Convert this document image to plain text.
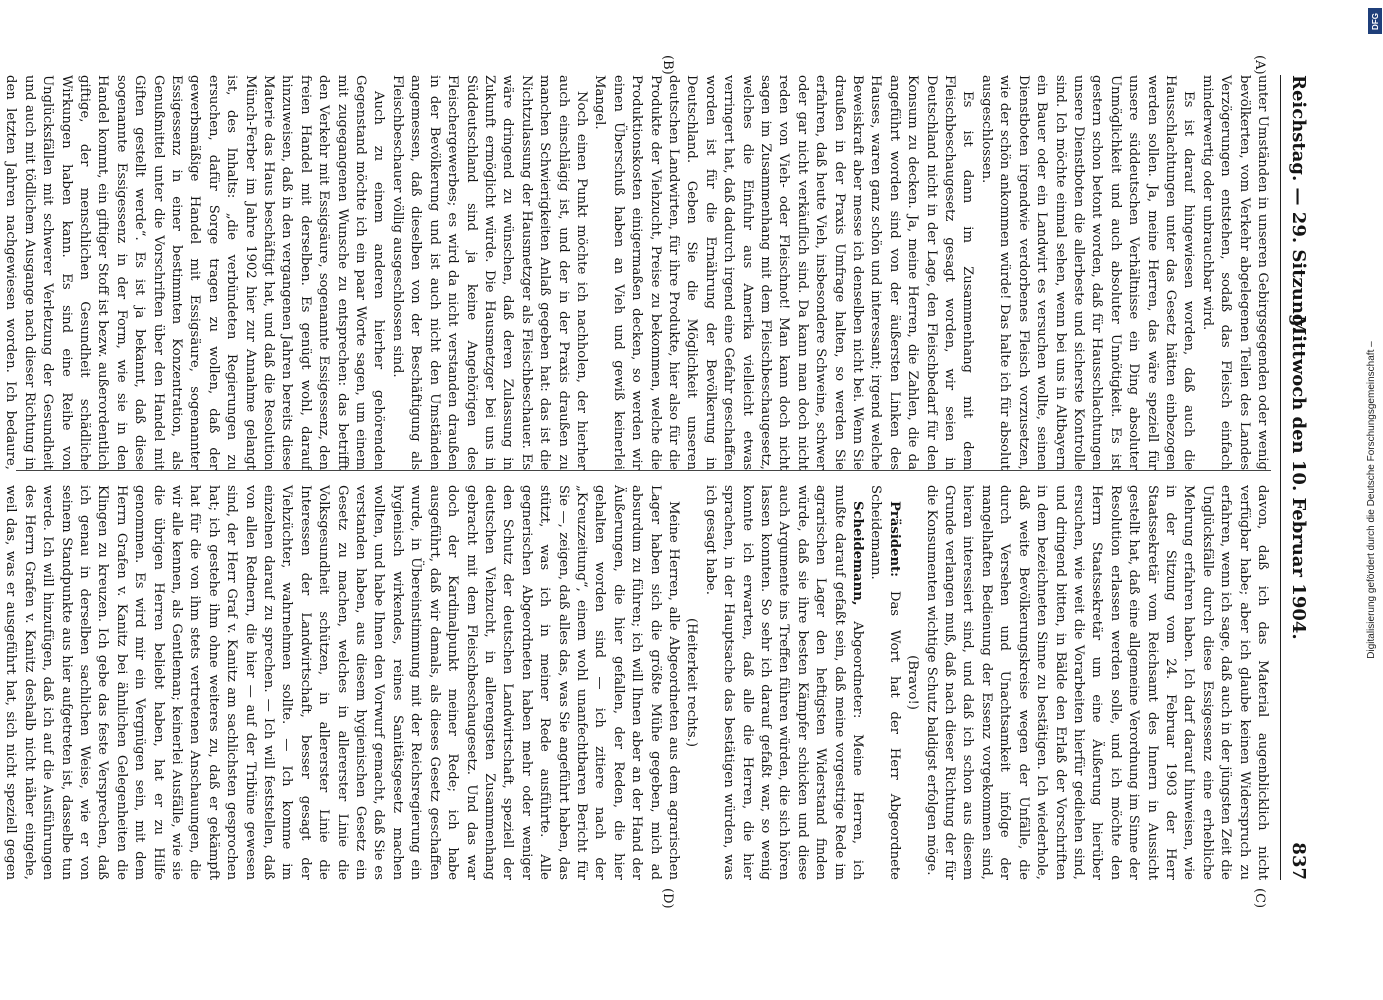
Reichstag. — 29. Sitzung.
Mittwoch den 10. Februar 1904.
837
(A)
(B)
(C)
(D)

unter Umständen in unseren Gebirgsgegenden oder wenig bevölkerten, vom Verkehr abgelegenen Teilen des Landes Verzögerungen entstehen, sodaß das Fleisch einfach minderwertig oder unbrauchbar wird.

Es ist darauf hingewiesen worden, daß auch die Hausschlachtungen unter das Gesetz hätten einbezogen werden sollen. Ja, meine Herren, das wäre speziell für unsere süddeutschen Verhältnisse ein Ding absoluter Unmöglichkeit und auch absoluter Unnötigkeit. Es ist gestern schon betont worden, daß für Hausschlachtungen unsere Dienstboten die allerbeste und sicherste Kontrolle sind. Ich möchte einmal sehen, wenn bei uns in Altbayern ein Bauer oder ein Landwirt es versuchen wollte, seinen Dienstboten irgendwie verdorbenes Fleisch vorzusetzen, wie der schön ankommen würde! Das halte ich für absolut ausgeschlossen.

Es ist dann im Zusammenhang mit dem Fleischbeschaugesetz gesagt worden, wir seien in Deutschland nicht in der Lage, den Fleischbedarf für den Konsum zu decken. Ja, meine Herren, die Zahlen, die da angeführt worden sind von der äußersten Linken des Hauses, waren ganz schön und interessant; irgend welche Beweiskraft aber messe ich denselben nicht bei. Wenn Sie draußen in der Praxis Umfrage halten, so werden Sie erfahren, daß heute Vieh, insbesondere Schweine, schwer oder gar nicht verkäuflich sind. Da kann man doch nicht reden von Vieh- oder Fleischnot! Man kann doch nicht sagen im Zusammenhang mit dem Fleischbeschaugesetz, welches die Einfuhr aus Amerika vielleicht etwas verringert hat, daß dadurch irgend eine Gefahr geschaffen worden ist für die Ernährung der Bevölkerung in Deutschland. Geben Sie die Möglichkeit unseren deutschen Landwirten, für ihre Produkte, hier also für die Produkte der Viehzucht, Preise zu bekommen, welche die Produktionskosten einigermaßen decken, so werden wir einen Überschuß haben an Vieh und gewiß keinerlei Mangel.

Noch einen Punkt möchte ich nachholen, der hierher auch einschlägig ist, und der in der Praxis draußen zu manchen Schwierigkeiten Anlaß gegeben hat: das ist die Nichtzulassung der Hausmetzger als Fleischbeschauer. Es wäre dringend zu wünschen, daß deren Zulassung in Zukunft ermöglicht würde. Die Hausmetzger bei uns in Süddeutschland sind ja keine Angehörigen des Fleischergewerbes; es wird da nicht verstanden draußen in der Bevölkerung und ist auch nicht den Umständen angemessen, daß dieselben von der Beschäftigung als Fleischbeschauer völlig ausgeschlossen sind.

Auch zu einem anderen hierher gehörenden Gegenstand möchte ich ein paar Worte sagen, um einem mit zugegangenen Wunsche zu entsprechen: das betrifft den Verkehr mit Essigsäure, sogenannte Essigessenz, den freien Handel mit derselben. Es genügt wohl, darauf hinzuweisen, daß in den vergangenen Jahren bereits diese Materie das Haus beschäftigt hat, und daß die Resolution Münch-Ferber im Jahre 1902 hier zur Annahme gelangt ist, des Inhalts: „die verbündeten Regierungen zu ersuchen, dafür Sorge tragen zu wollen, daß der gewerbsmäßige Handel mit Essigsäure, sogenannter Essigessenz in einer bestimmten Konzentration, als Genußmittel unter die Vorschriften über den Handel mit Giften gestellt werde“. Es ist ja bekannt, daß diese sogenannte Essigessenz in der Form, wie sie in den Handel kommt, ein giftiger Stoff ist bezw. außerordentlich giftige, der menschlichen Gesundheit schädliche Wirkungen haben kann. Es sind eine Reihe von Unglücksfällen mit schwerer Verletzung der Gesundheit und auch mit tödlichem Ausgange nach dieser Richtung in den letzten Jahren nachgewiesen worden. Ich bedaure,

davon, daß ich das Material augenblicklich nicht verfügbar habe; aber ich glaube keinen Widerspruch zu erfahren, wenn ich sage, daß auch in der jüngsten Zeit die Unglücksfälle durch diese Essigessenz eine erhebliche Mehrung erfahren haben. Ich darf darauf hinweisen, wie in der Sitzung vom 24. Februar 1903 der Herr Staatssekretär vom Reichsamt des Innern in Aussicht gestellt hat, daß eine allgemeine Verordnung im Sinne der Resolution erlassen werden solle, und ich möchte den Herrn Staatssekretär um eine Äußerung hierüber ersuchen, wie weit die Vorarbeiten hierfür gediehen sind, und dringend bitten, in Bälde den Erlaß der Vorschriften in dem bezeichneten Sinne zu bestätigen. Ich wiederhole, daß weite Bevölkerungskreise wegen der Unfälle, die durch Versehen und Unachtsamkeit infolge der mangelhaften Bedienung der Essenz vorgekommen sind, hieran interessiert sind, und daß ich schon aus diesem Grunde verlangen muß, daß nach dieser Richtung der für die Konsumenten wichtige Schutz baldigst erfolgen möge.

(Bravo!)

Präsident: Das Wort hat der Herr Abgeordnete Scheidemann.

Scheidemann, Abgeordneter: Meine Herren, ich mußte darauf gefaßt sein, daß meine vorgestrige Rede im agrarischen Lager den heftigsten Widerstand finden würde, daß sie ihre besten Kämpfer schicken und diese auch Argumente ins Treffen führen würden, die sich hören lassen konnten. So sehr ich darauf gefaßt war, so wenig konnte ich erwarten, daß alle die Herren, die hier sprachen, in der Hauptsache das bestätigen würden, was ich gesagt habe.

(Heiterkeit rechts.)

Meine Herren, alle Abgeordneten aus dem agrarischen Lager haben sich die größte Mühe gegeben, mich ad absurdum zu führen; ich will Ihnen aber an der Hand der Äußerungen, die hier gefallen, der Reden, die hier gehalten worden sind — ich zitiere nach der „Kreuzzeitung“, einem wohl unanfechtbaren Bericht für Sie —, zeigen, daß alles das, was Sie angeführt haben, das stützt, was ich in meiner Rede ausführte. Alle gegnerischen Abgeordneten haben mehr oder weniger den Schutz der deutschen Landwirtschaft, speziell der deutschen Viehzucht, in allerengsten Zusammenhang gebracht mit dem Fleischbeschaugesetz. Und das war doch der Kardinalpunkt meiner Rede; ich habe ausgeführt, daß wir damals, als dieses Gesetz geschaffen wurde, in Übereinstimmung mit der Reichsregierung ein hygienisch wirkendes, reines Sanitätsgesetz machen wollten, und habe Ihnen den Vorwurf gemacht, daß Sie es verstanden haben, aus diesem hygienischen Gesetz ein Gesetz zu machen, welches in allererster Linie die Volksgesundheit schützen, in allererster Linie die Interessen der Landwirtschaft, besser gesagt der Viehzüchter, wahrnehmen sollte. — Ich komme im einzelnen darauf zu sprechen. — Ich will feststellen, daß von allen Rednern, die hier — auf der Tribüne gewesen sind, der Herr Graf v. Kanitz am sachlichsten gesprochen hat; ich gestehe ihm ohne weiteres zu, daß er gekämpft hat für die von ihm stets vertretenen Anschauungen, die wir alle kennen, als Gentleman; keinerlei Ausfälle, wie sie die übrigen Herren beliebt haben, hat er zu Hilfe genommen. Es wird mir ein Vergnügen sein, mit dem Herrn Grafen v. Kanitz bei ähnlichen Gelegenheiten die Klingen zu kreuzen. Ich gebe das feste Versprechen, daß ich genau in derselben sachlichen Weise, wie er von seinem Standpunkte aus hier aufgetreten ist, dasselbe tun werde. Ich will hinzufügen, daß ich auf die Ausführungen des Herrn Grafen v. Kanitz deshalb nicht näher eingehe, weil das, was er ausgeführt hat, sich nicht speziell gegen

DFG
Digitalisierung gefördert durch die Deutsche Forschungsgemeinschaft –
